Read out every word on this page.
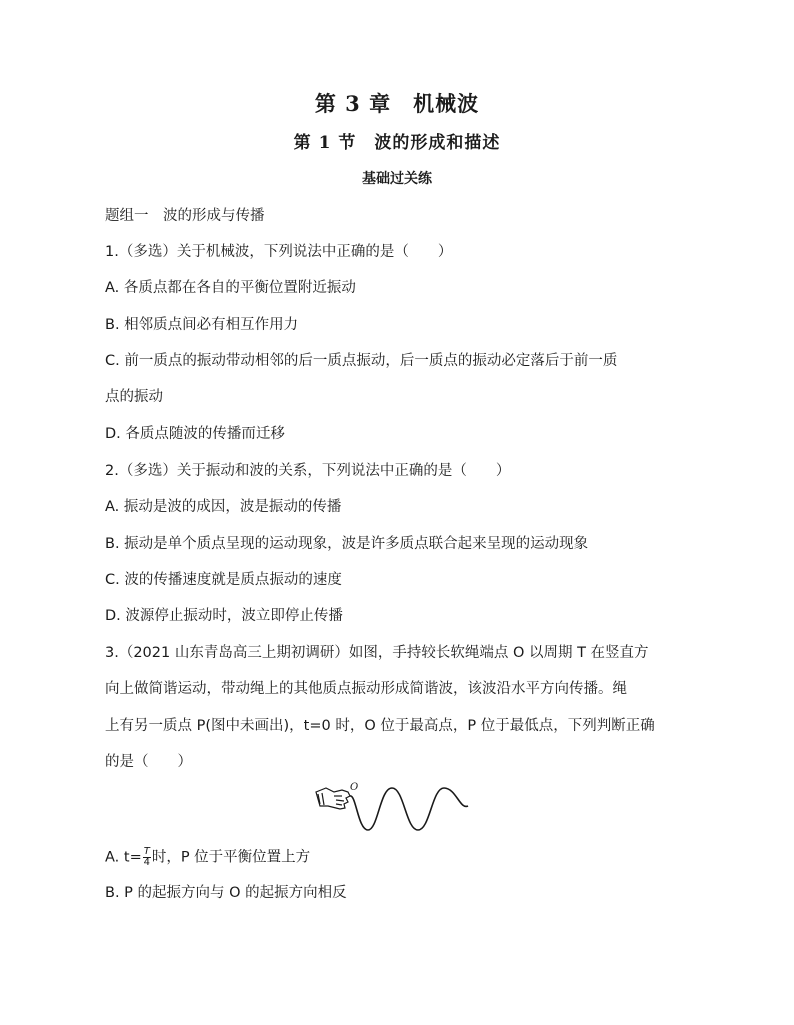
第 3 章　机械波
第 1 节　波的形成和描述
基础过关练
题组一　波的形成与传播
1.（多选）关于机械波，下列说法中正确的是（　　）
A. 各质点都在各自的平衡位置附近振动
B. 相邻质点间必有相互作用力
C. 前一质点的振动带动相邻的后一质点振动，后一质点的振动必定落后于前一质
点的振动
D. 各质点随波的传播而迁移
2.（多选）关于振动和波的关系，下列说法中正确的是（　　）
A. 振动是波的成因，波是振动的传播
B. 振动是单个质点呈现的运动现象，波是许多质点联合起来呈现的运动现象
C. 波的传播速度就是质点振动的速度
D. 波源停止振动时，波立即停止传播
3.（2021 山东青岛高三上期初调研）如图，手持较长软绳端点 O 以周期 T 在竖直方
向上做简谐运动，带动绳上的其他质点振动形成简谐波，该波沿水平方向传播。绳
上有另一质点 P(图中未画出)，t=0 时，O 位于最高点，P 位于最低点，下列判断正确
的是（　　）
O
A. $t= \frac{T}{4}$ 时，P 位于平衡位置上方
B. P 的起振方向与 O 的起振方向相反
